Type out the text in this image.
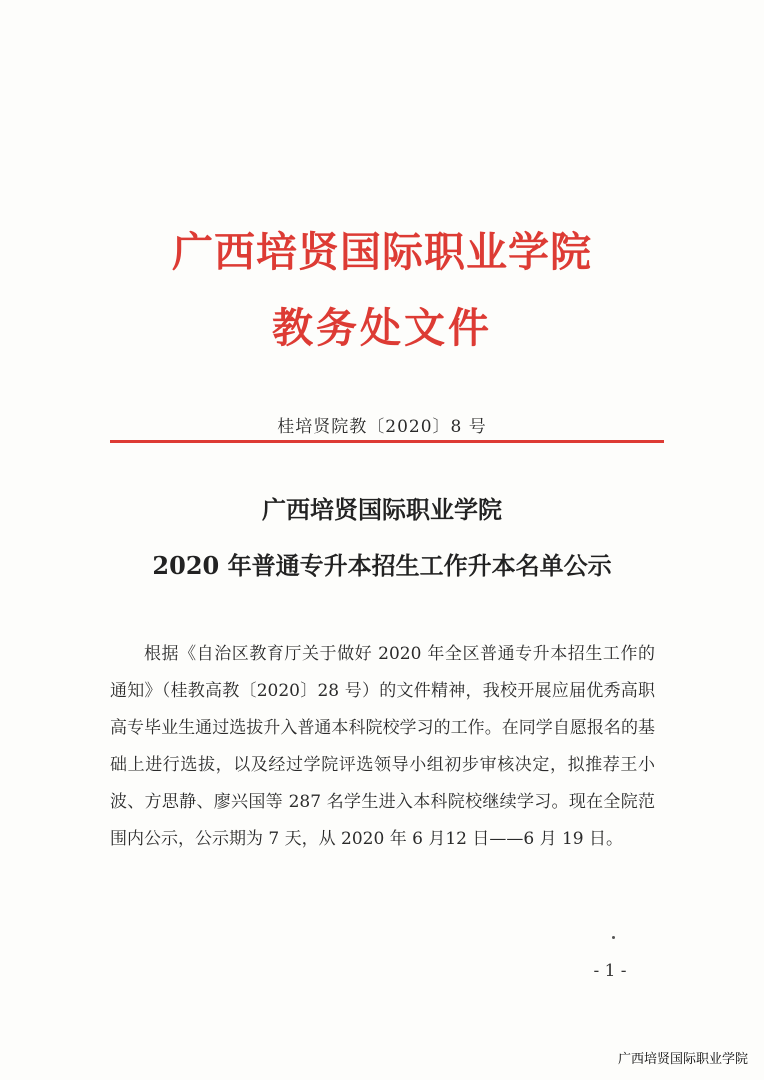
广西培贤国际职业学院
教务处文件
桂培贤院教〔2020〕8 号
广西培贤国际职业学院
2020 年普通专升本招生工作升本名单公示

根据《自治区教育厅关于做好 2020 年全区普通专升本招生工作的通知》（桂教高教〔2020〕28 号）的文件精神，我校开展应届优秀高职高专毕业生通过选拔升入普通本科院校学习的工作。在同学自愿报名的基础上进行选拔，以及经过学院评选领导小组初步审核决定，拟推荐王小波、方思静、廖兴国等 287 名学生进入本科院校继续学习。现在全院范围内公示，公示期为 7 天，从 2020 年 6 月12 日——6 月 19 日。

- 1 -
广西培贤国际职业学院
